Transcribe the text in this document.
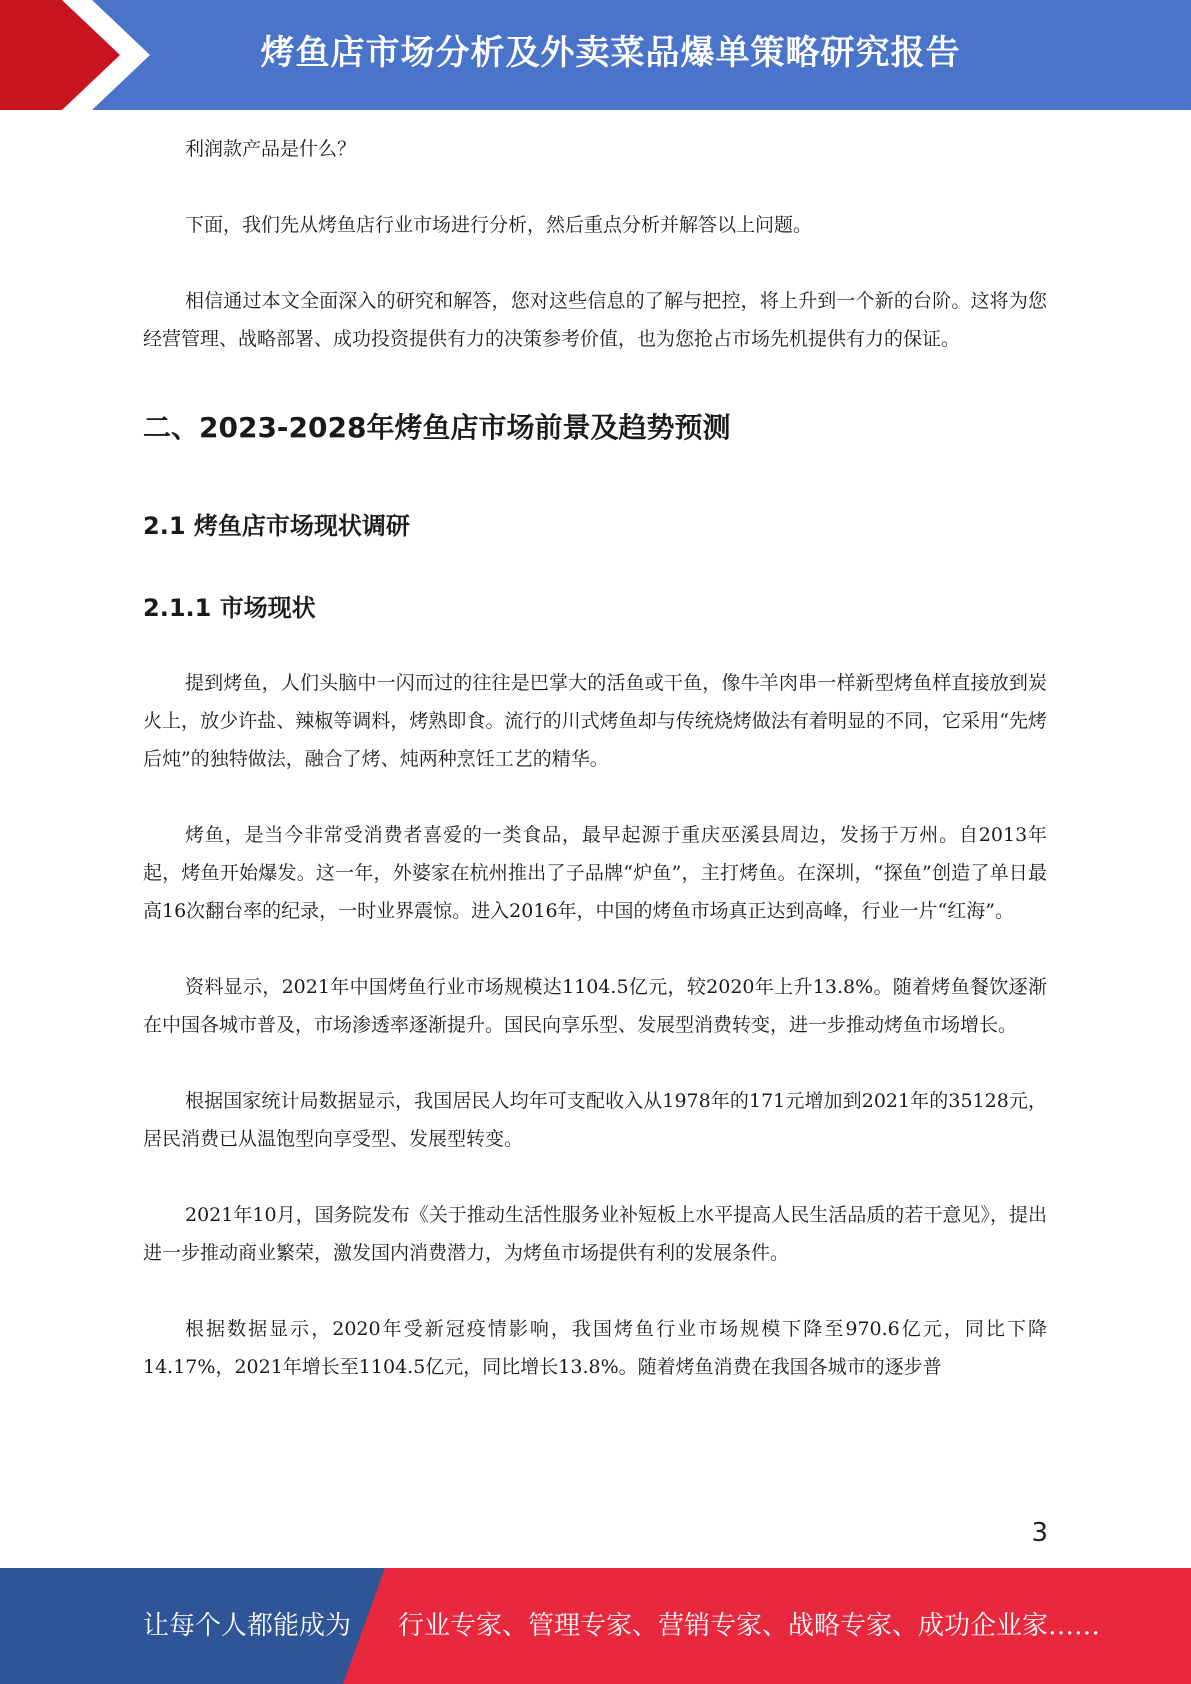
烤鱼店市场分析及外卖菜品爆单策略研究报告

利润款产品是什么？

下面，我们先从烤鱼店行业市场进行分析，然后重点分析并解答以上问题。

相信通过本文全面深入的研究和解答，您对这些信息的了解与把控，将上升到一个新的台阶。这将为您经营管理、战略部署、成功投资提供有力的决策参考价值，也为您抢占市场先机提供有力的保证。

二、2023-2028年烤鱼店市场前景及趋势预测
2.1 烤鱼店市场现状调研
2.1.1 市场现状

提到烤鱼，人们头脑中一闪而过的往往是巴掌大的活鱼或干鱼，像牛羊肉串一样新型烤鱼样直接放到炭火上，放少许盐、辣椒等调料，烤熟即食。流行的川式烤鱼却与传统烧烤做法有着明显的不同，它采用“先烤后炖”的独特做法，融合了烤、炖两种烹饪工艺的精华。

烤鱼，是当今非常受消费者喜爱的一类食品，最早起源于重庆巫溪县周边，发扬于万州。自2013年起，烤鱼开始爆发。这一年，外婆家在杭州推出了子品牌“炉鱼”，主打烤鱼。在深圳，“探鱼”创造了单日最高16次翻台率的纪录，一时业界震惊。进入2016年，中国的烤鱼市场真正达到高峰，行业一片“红海”。

资料显示，2021年中国烤鱼行业市场规模达1104.5亿元，较2020年上升13.8%。随着烤鱼餐饮逐渐在中国各城市普及，市场渗透率逐渐提升。国民向享乐型、发展型消费转变，进一步推动烤鱼市场增长。

根据国家统计局数据显示，我国居民人均年可支配收入从1978年的171元增加到2021年的35128元，居民消费已从温饱型向享受型、发展型转变。

2021年10月，国务院发布《关于推动生活性服务业补短板上水平提高人民生活品质的若干意见》，提出进一步推动商业繁荣，激发国内消费潜力，为烤鱼市场提供有利的发展条件。

根据数据显示，2020年受新冠疫情影响，我国烤鱼行业市场规模下降至970.6亿元，同比下降14.17%，2021年增长至1104.5亿元，同比增长13.8%。随着烤鱼消费在我国各城市的逐步普

3
让每个人都能成为 行业专家、管理专家、营销专家、战略专家、成功企业家……
